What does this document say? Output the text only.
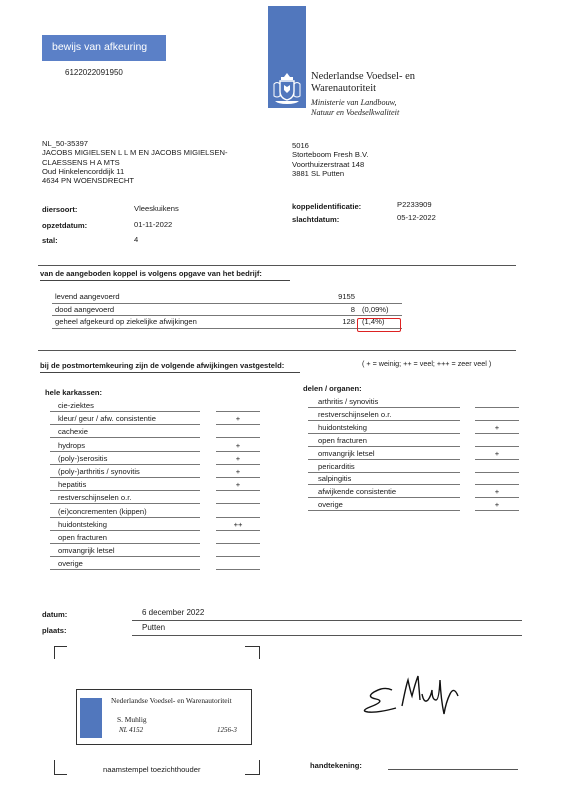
bewijs van afkeuring
6122022091950	Nederlandse Voedsel- en
Warenautoriteit
Ministerie van Landbouw,
Natuur en Voedselkwaliteit
NL_50-35397
JACOBS MIGIELSEN L L M EN JACOBS MIGIELSEN-
CLAESSENS H A MTS
Oud Hinkelencorddijk 11
4634 PN WOENSDRECHT
5016
Storteboom Fresh B.V.
Voorthuizerstraat 148
3881 SL Putten
diersoort:	Vleeskuikens
opzetdatum:	01-11-2022
stal:	4
koppelidentificatie:	P2233909
slachtdatum:	05-12-2022
van de aangeboden koppel is volgens opgave van het bedrijf:
levend aangevoerd	9155
dood aangevoerd	8 (0,09%)
geheel afgekeurd op ziekelijke afwijkingen	128 (1,4%)
bij de postmortemkeuring zijn de volgende afwijkingen vastgesteld:	( + = weinig; ++ = veel; +++ = zeer veel )
hele karkassen:	delen / organen:
cie-ziektes
kleur/ geur / afw. consistentie	+
cachexie
hydrops	+
(poly-)serositis	+
(poly-)arthritis / synovitis	+
hepatitis	+
restverschijnselen o.r.
(ei)concrementen (kippen)
huidontsteking	++
open fracturen
omvangrijk letsel
overige
arthritis / synovitis
restverschijnselen o.r.
huidontsteking	+
open fracturen
omvangrijk letsel	+
pericarditis
salpingitis
afwijkende consistentie	+
overige	+
datum:	6 december 2022
plaats:	Putten
Nederlandse Voedsel- en Warenautoriteit
S. Muhlig
NL 4152	1256-3
naamstempel toezichthouder	handtekening:
